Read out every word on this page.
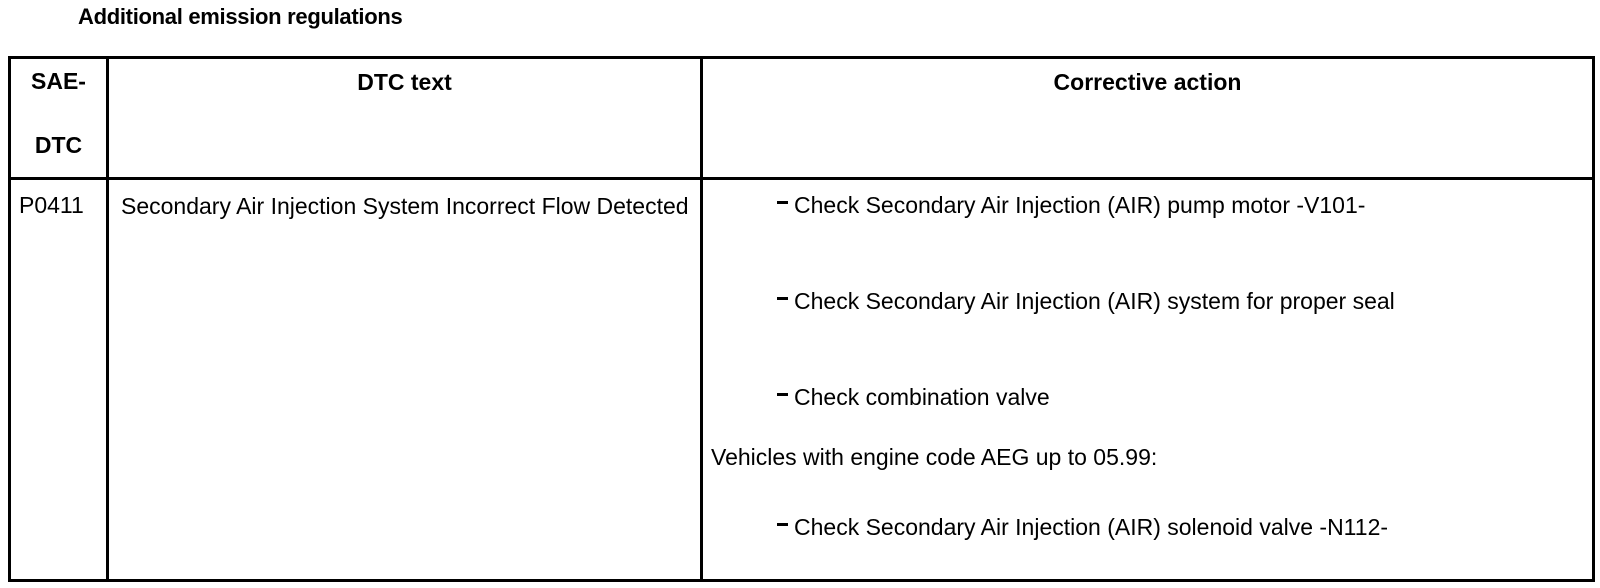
Additional emission regulations
SAE-
DTC	DTC text	Corrective action

P0411	Secondary Air Injection System Incorrect Flow Detected	Check Secondary Air Injection (AIR) pump motor -V101-
Check Secondary Air Injection (AIR) system for proper seal
Check combination valve
Vehicles with engine code AEG up to 05.99:
Check Secondary Air Injection (AIR) solenoid valve -N112-
